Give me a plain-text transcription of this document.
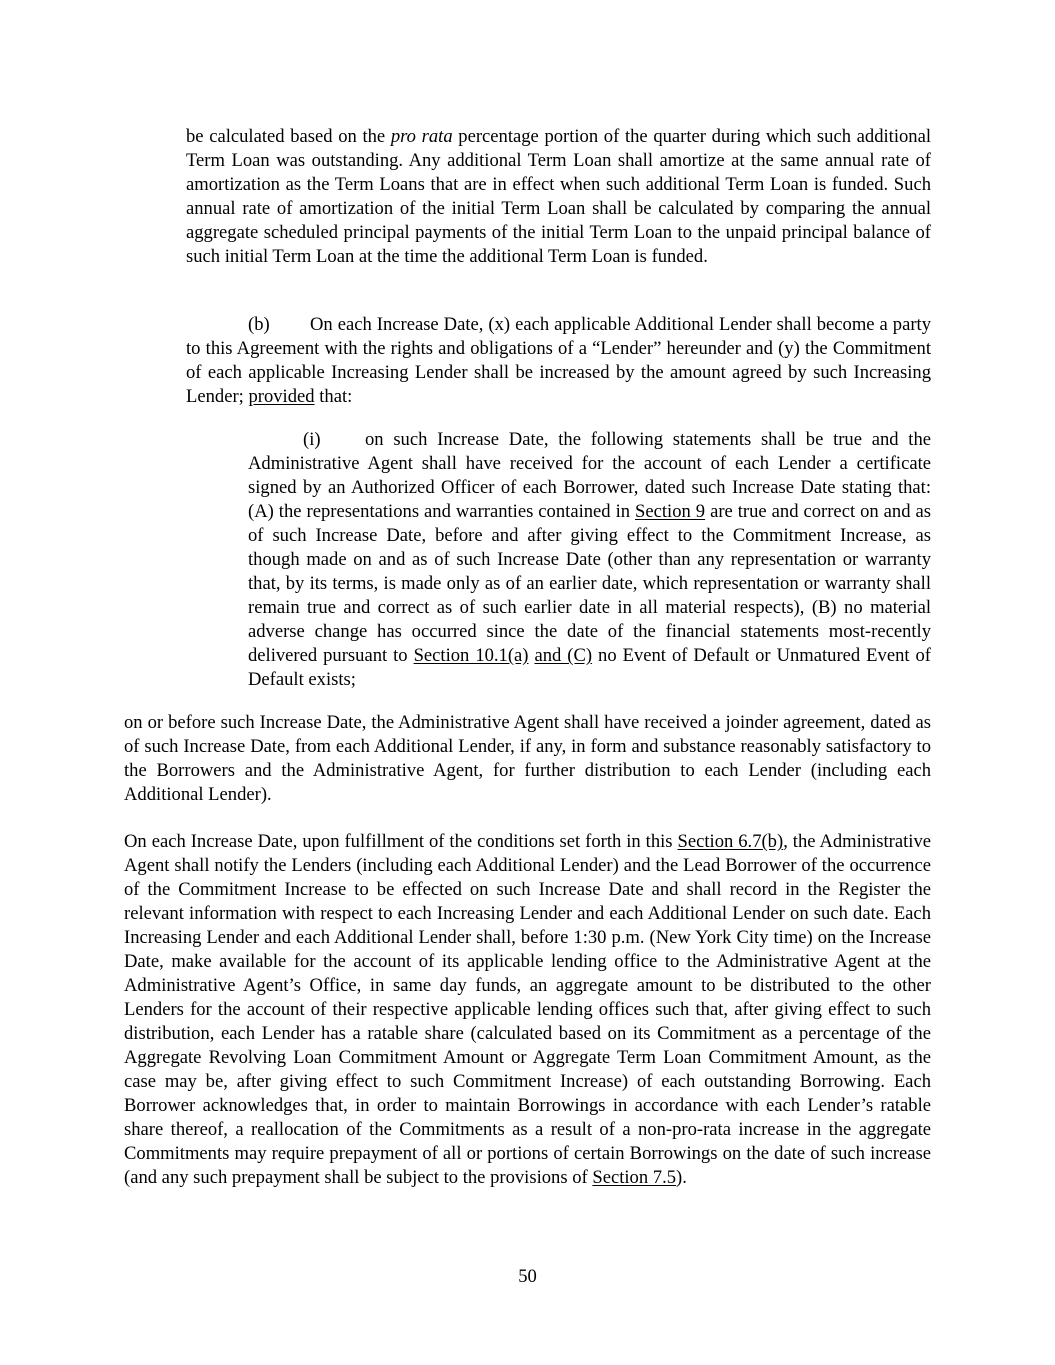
be calculated based on the pro rata percentage portion of the quarter during which such additional Term Loan was outstanding. Any additional Term Loan shall amortize at the same annual rate of amortization as the Term Loans that are in effect when such additional Term Loan is funded. Such annual rate of amortization of the initial Term Loan shall be calculated by comparing the annual aggregate scheduled principal payments of the initial Term Loan to the unpaid principal balance of such initial Term Loan at the time the additional Term Loan is funded.

(b) On each Increase Date, (x) each applicable Additional Lender shall become a party to this Agreement with the rights and obligations of a “Lender” hereunder and (y) the Commitment of each applicable Increasing Lender shall be increased by the amount agreed by such Increasing Lender; provided that:

(i) on such Increase Date, the following statements shall be true and the Administrative Agent shall have received for the account of each Lender a certificate signed by an Authorized Officer of each Borrower, dated such Increase Date stating that: (A) the representations and warranties contained in Section 9 are true and correct on and as of such Increase Date, before and after giving effect to the Commitment Increase, as though made on and as of such Increase Date (other than any representation or warranty that, by its terms, is made only as of an earlier date, which representation or warranty shall remain true and correct as of such earlier date in all material respects), (B) no material adverse change has occurred since the date of the financial statements most-recently delivered pursuant to Section 10.1(a) and (C) no Event of Default or Unmatured Event of Default exists;

on or before such Increase Date, the Administrative Agent shall have received a joinder agreement, dated as of such Increase Date, from each Additional Lender, if any, in form and substance reasonably satisfactory to the Borrowers and the Administrative Agent, for further distribution to each Lender (including each Additional Lender).

On each Increase Date, upon fulfillment of the conditions set forth in this Section 6.7(b), the Administrative Agent shall notify the Lenders (including each Additional Lender) and the Lead Borrower of the occurrence of the Commitment Increase to be effected on such Increase Date and shall record in the Register the relevant information with respect to each Increasing Lender and each Additional Lender on such date. Each Increasing Lender and each Additional Lender shall, before 1:30 p.m. (New York City time) on the Increase Date, make available for the account of its applicable lending office to the Administrative Agent at the Administrative Agent’s Office, in same day funds, an aggregate amount to be distributed to the other Lenders for the account of their respective applicable lending offices such that, after giving effect to such distribution, each Lender has a ratable share (calculated based on its Commitment as a percentage of the Aggregate Revolving Loan Commitment Amount or Aggregate Term Loan Commitment Amount, as the case may be, after giving effect to such Commitment Increase) of each outstanding Borrowing. Each Borrower acknowledges that, in order to maintain Borrowings in accordance with each Lender’s ratable share thereof, a reallocation of the Commitments as a result of a non-pro-rata increase in the aggregate Commitments may require prepayment of all or portions of certain Borrowings on the date of such increase (and any such prepayment shall be subject to the provisions of Section 7.5).

50
